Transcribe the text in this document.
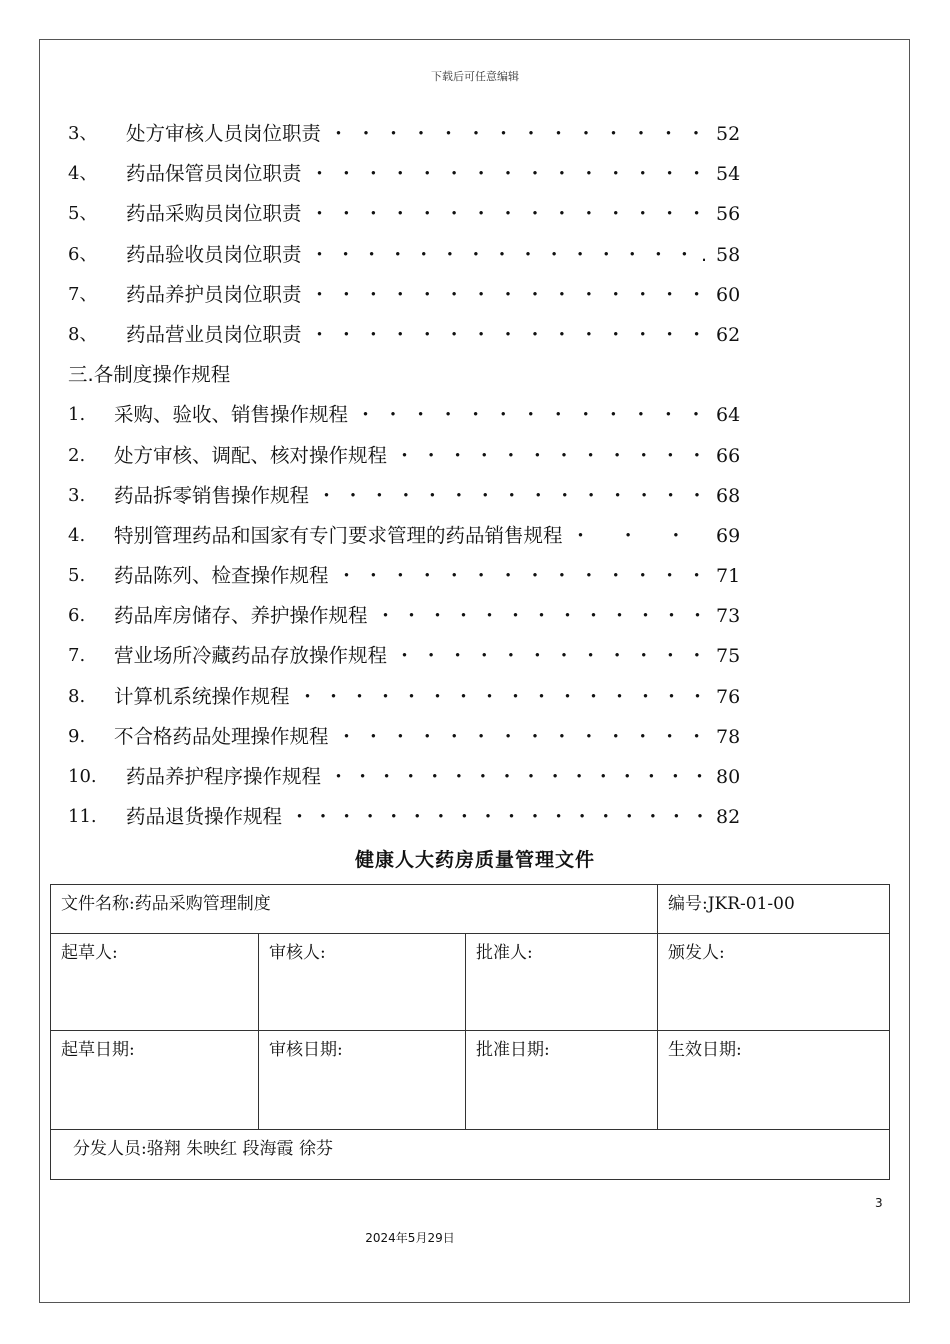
下载后可任意编辑
3、 处方审核人员岗位职责 ・・・・・・・・・・・・・・ 52
4、 药品保管员岗位职责 ・・・・・・・・・・・・・・・ 54
5、 药品采购员岗位职责 ・・・・・・・・・・・・・・・ 56
6、 药品验收员岗位职责 ・・・・・・・・・・・・・・・. 58
7、 药品养护员岗位职责 ・・・・・・・・・・・・・・・ 60
8、 药品营业员岗位职责 ・・・・・・・・・・・・・・・ 62
三.各制度操作规程
1. 采购、验收、销售操作规程 ・・・・・・・・・・・・・ 64
2. 处方审核、调配、核对操作规程 ・・・・・・・・・・・・ 66
3. 药品拆零销售操作规程 ・・・・・・・・・・・・・・・ 68
4. 特别管理药品和国家有专门要求管理的药品销售规程 ・・・ 69
5. 药品陈列、检查操作规程 ・・・・・・・・・・・・・・ 71
6. 药品库房储存、养护操作规程 ・・・・・・・・・・・・・ 73
7. 营业场所冷藏药品存放操作规程 ・・・・・・・・・・・・ 75
8. 计算机系统操作规程 ・・・・・・・・・・・・・・・・ 76
9. 不合格药品处理操作规程 ・・・・・・・・・・・・・・ 78
10. 药品养护程序操作规程 ・・・・・・・・・・・・・・・・ 80
11. 药品退货操作规程 ・・・・・・・・・・・・・・・・・・ 82
健康人大药房质量管理文件
文件名称:药品采购管理制度			编号:JKR-01-00
起草人:	审核人:	批准人:	颁发人:
起草日期:	审核日期:	批准日期:	生效日期:
分发人员:骆翔 朱映红 段海霞 徐芬			
3
2024年5月29日
